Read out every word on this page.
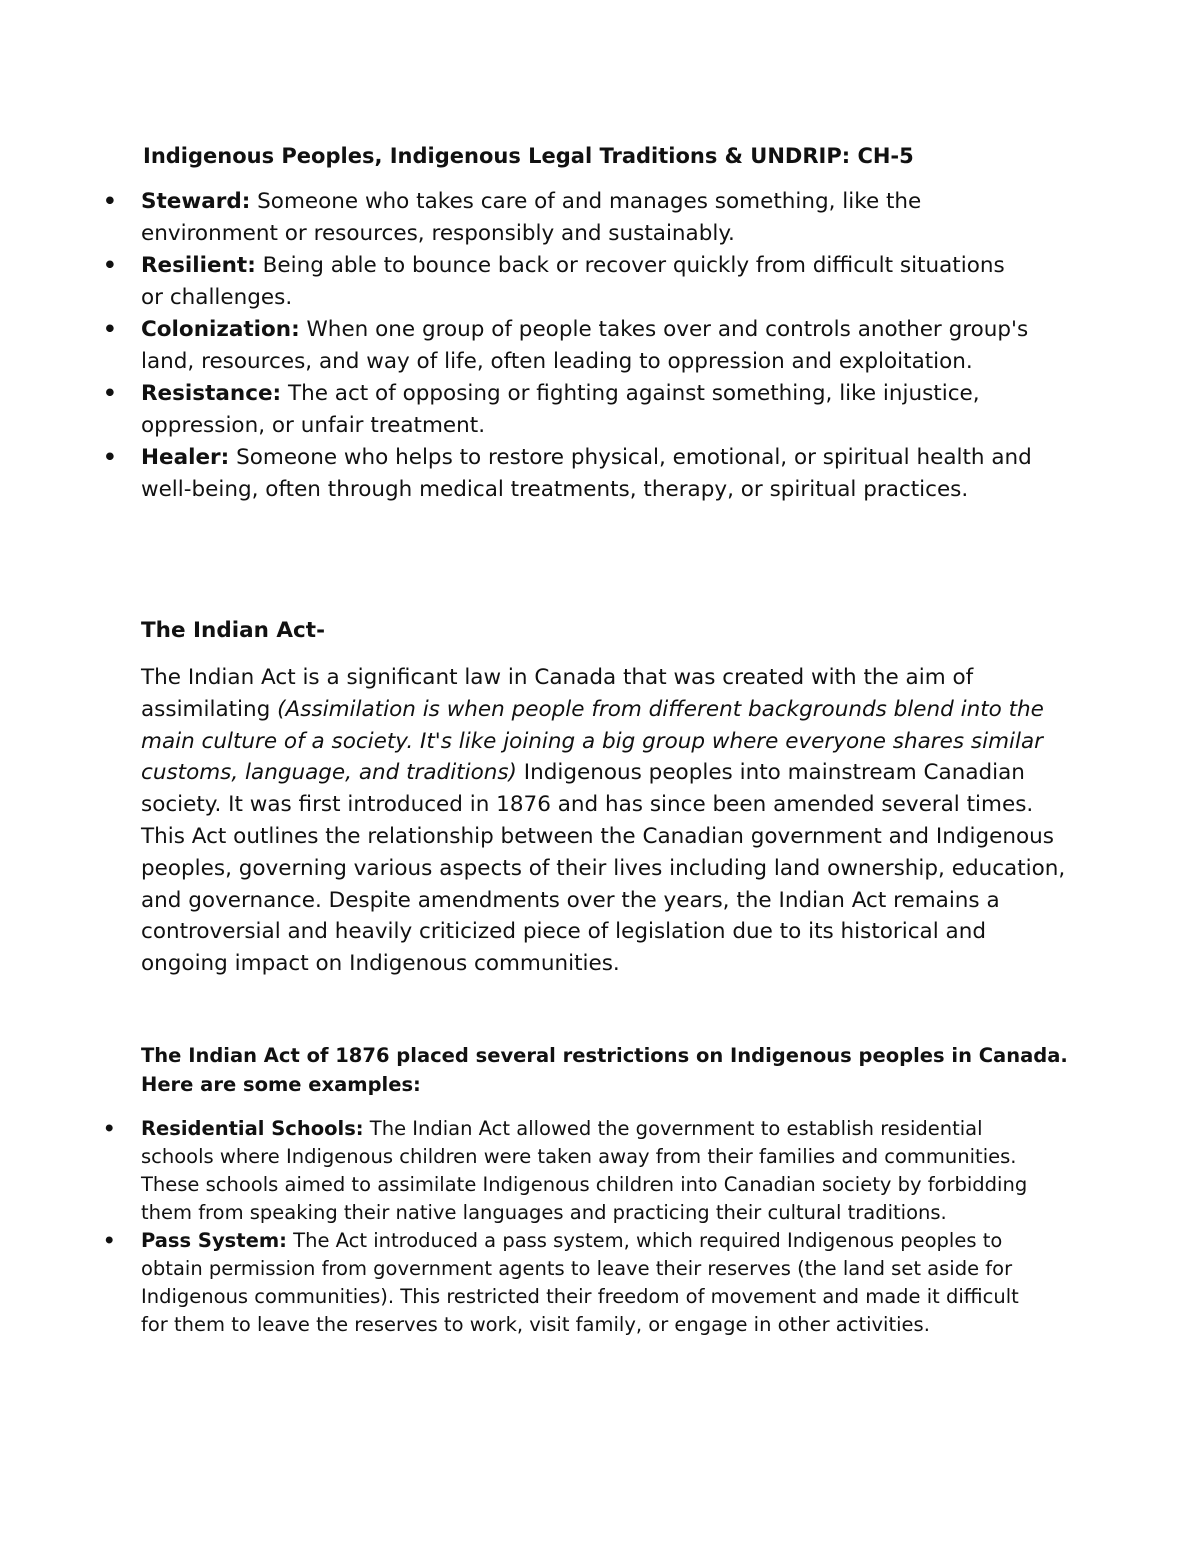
Indigenous Peoples, Indigenous Legal Traditions & UNDRIP: CH-5
• Steward: Someone who takes care of and manages something, like the environment or resources, responsibly and sustainably.
• Resilient: Being able to bounce back or recover quickly from difficult situations or challenges.
• Colonization: When one group of people takes over and controls another group's land, resources, and way of life, often leading to oppression and exploitation.
• Resistance: The act of opposing or fighting against something, like injustice, oppression, or unfair treatment.
• Healer: Someone who helps to restore physical, emotional, or spiritual health and well-being, often through medical treatments, therapy, or spiritual practices.
The Indian Act-

The Indian Act is a significant law in Canada that was created with the aim of assimilating (Assimilation is when people from different backgrounds blend into the main culture of a society. It's like joining a big group where everyone shares similar customs, language, and traditions) Indigenous peoples into mainstream Canadian society. It was first introduced in 1876 and has since been amended several times. This Act outlines the relationship between the Canadian government and Indigenous peoples, governing various aspects of their lives including land ownership, education, and governance. Despite amendments over the years, the Indian Act remains a controversial and heavily criticized piece of legislation due to its historical and ongoing impact on Indigenous communities.

The Indian Act of 1876 placed several restrictions on Indigenous peoples in Canada. Here are some examples:

• Residential Schools: The Indian Act allowed the government to establish residential schools where Indigenous children were taken away from their families and communities. These schools aimed to assimilate Indigenous children into Canadian society by forbidding them from speaking their native languages and practicing their cultural traditions.
• Pass System: The Act introduced a pass system, which required Indigenous peoples to obtain permission from government agents to leave their reserves (the land set aside for Indigenous communities). This restricted their freedom of movement and made it difficult for them to leave the reserves to work, visit family, or engage in other activities.
